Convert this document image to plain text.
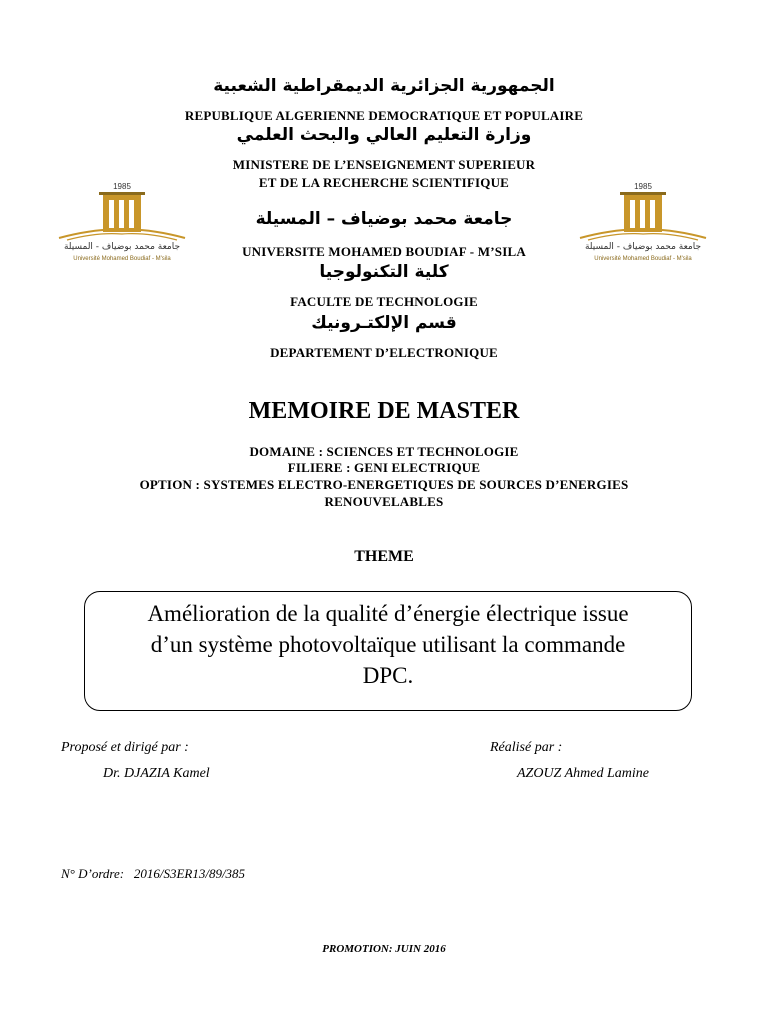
الجمهورية الجزائرية الديمقراطية الشعبية
REPUBLIQUE ALGERIENNE DEMOCRATIQUE ET POPULAIRE
وزارة التعليم العالي والبحث العلمي
MINISTERE DE L’ENSEIGNEMENT SUPERIEUR
ET DE LA RECHERCHE SCIENTIFIQUE
جامعة محمد بوضياف – المسيلة
UNIVERSITE MOHAMED BOUDIAF - M’SILA
كلية التكنولوجيا
FACULTE DE TECHNOLOGIE
قسم الإلكتـرونيك
DEPARTEMENT D’ELECTRONIQUE
1985
جامعة محمد بوضياف - المسيلة
Université Mohamed Boudiaf - M'sila
1985
جامعة محمد بوضياف - المسيلة
Université Mohamed Boudiaf - M'sila
MEMOIRE DE MASTER
DOMAINE : SCIENCES ET TECHNOLOGIE
FILIERE : GENI ELECTRIQUE
OPTION : SYSTEMES ELECTRO-ENERGETIQUES DE SOURCES D’ENERGIES
RENOUVELABLES
THEME
Amélioration de la qualité d’énergie électrique issue
d’un système photovoltaïque utilisant la commande
DPC.
Proposé et dirigé par :
Dr. DJAZIA Kamel
Réalisé par :
AZOUZ Ahmed Lamine
N° D’ordre: 2016/S3ER13/89/385
PROMOTION: JUIN 2016
